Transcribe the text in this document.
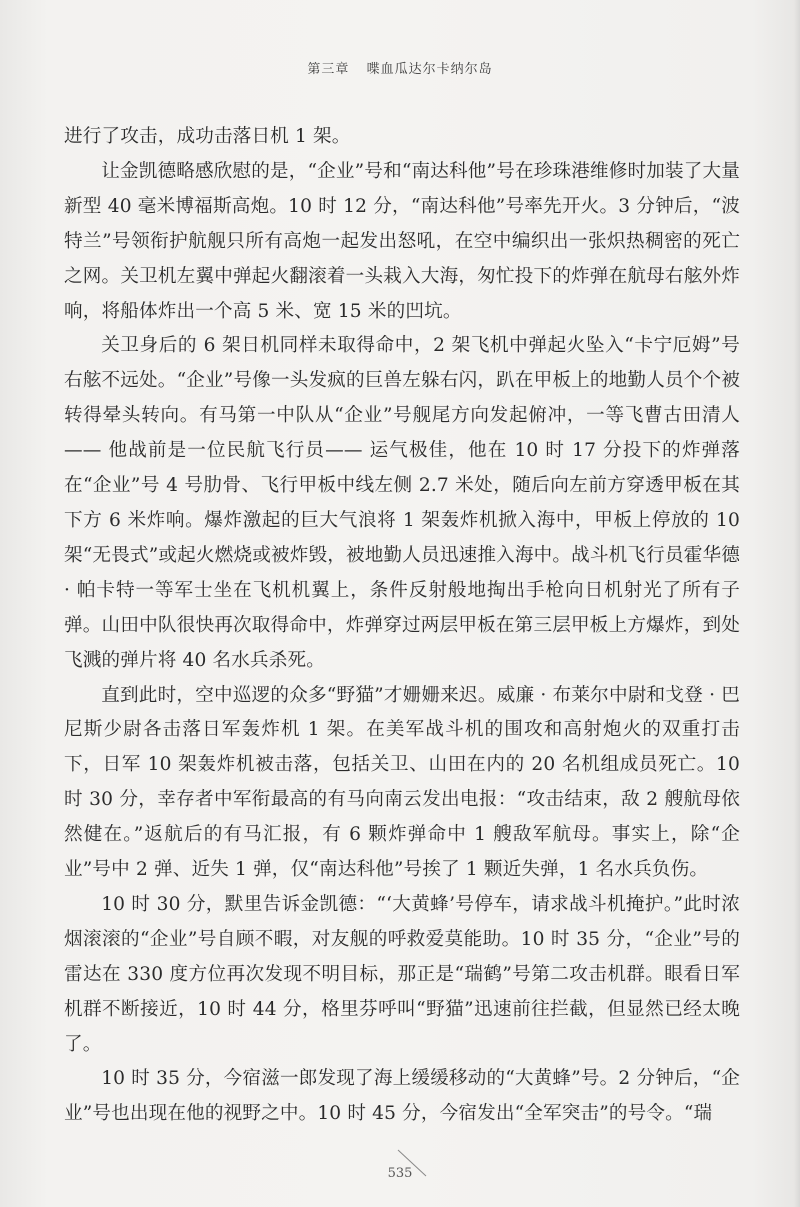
第三章 喋血瓜达尔卡纳尔岛

进行了攻击，成功击落日机 1 架。

让金凯德略感欣慰的是，“企业”号和“南达科他”号在珍珠港维修时加装了大量新型 40 毫米博福斯高炮。10 时 12 分，“南达科他”号率先开火。3 分钟后，“波特兰”号领衔护航舰只所有高炮一起发出怒吼，在空中编织出一张炽热稠密的死亡之网。关卫机左翼中弹起火翻滚着一头栽入大海，匆忙投下的炸弹在航母右舷外炸响，将船体炸出一个高 5 米、宽 15 米的凹坑。

关卫身后的 6 架日机同样未取得命中，2 架飞机中弹起火坠入“卡宁厄姆”号右舷不远处。“企业”号像一头发疯的巨兽左躲右闪，趴在甲板上的地勤人员个个被转得晕头转向。有马第一中队从“企业”号舰尾方向发起俯冲，一等飞曹古田清人—— 他战前是一位民航飞行员—— 运气极佳，他在 10 时 17 分投下的炸弹落在“企业”号 4 号肋骨、飞行甲板中线左侧 2.7 米处，随后向左前方穿透甲板在其下方 6 米炸响。爆炸激起的巨大气浪将 1 架轰炸机掀入海中，甲板上停放的 10 架“无畏式”或起火燃烧或被炸毁，被地勤人员迅速推入海中。战斗机飞行员霍华德 · 帕卡特一等军士坐在飞机机翼上，条件反射般地掏出手枪向日机射光了所有子弹。山田中队很快再次取得命中，炸弹穿过两层甲板在第三层甲板上方爆炸，到处飞溅的弹片将 40 名水兵杀死。

直到此时，空中巡逻的众多“野猫”才姗姗来迟。威廉 · 布莱尔中尉和戈登 · 巴尼斯少尉各击落日军轰炸机 1 架。在美军战斗机的围攻和高射炮火的双重打击下，日军 10 架轰炸机被击落，包括关卫、山田在内的 20 名机组成员死亡。10 时 30 分，幸存者中军衔最高的有马向南云发出电报：“攻击结束，敌 2 艘航母依然健在。”返航后的有马汇报，有 6 颗炸弹命中 1 艘敌军航母。事实上，除“企业”号中 2 弹、近失 1 弹，仅“南达科他”号挨了 1 颗近失弹，1 名水兵负伤。

10 时 30 分，默里告诉金凯德：“‘大黄蜂’号停车，请求战斗机掩护。”此时浓烟滚滚的“企业”号自顾不暇，对友舰的呼救爱莫能助。10 时 35 分，“企业”号的雷达在 330 度方位再次发现不明目标，那正是“瑞鹤”号第二攻击机群。眼看日军机群不断接近，10 时 44 分，格里芬呼叫“野猫”迅速前往拦截，但显然已经太晚了。

10 时 35 分，今宿滋一郎发现了海上缓缓移动的“大黄蜂”号。2 分钟后，“企业”号也出现在他的视野之中。10 时 45 分，今宿发出“全军突击”的号令。“瑞

535
